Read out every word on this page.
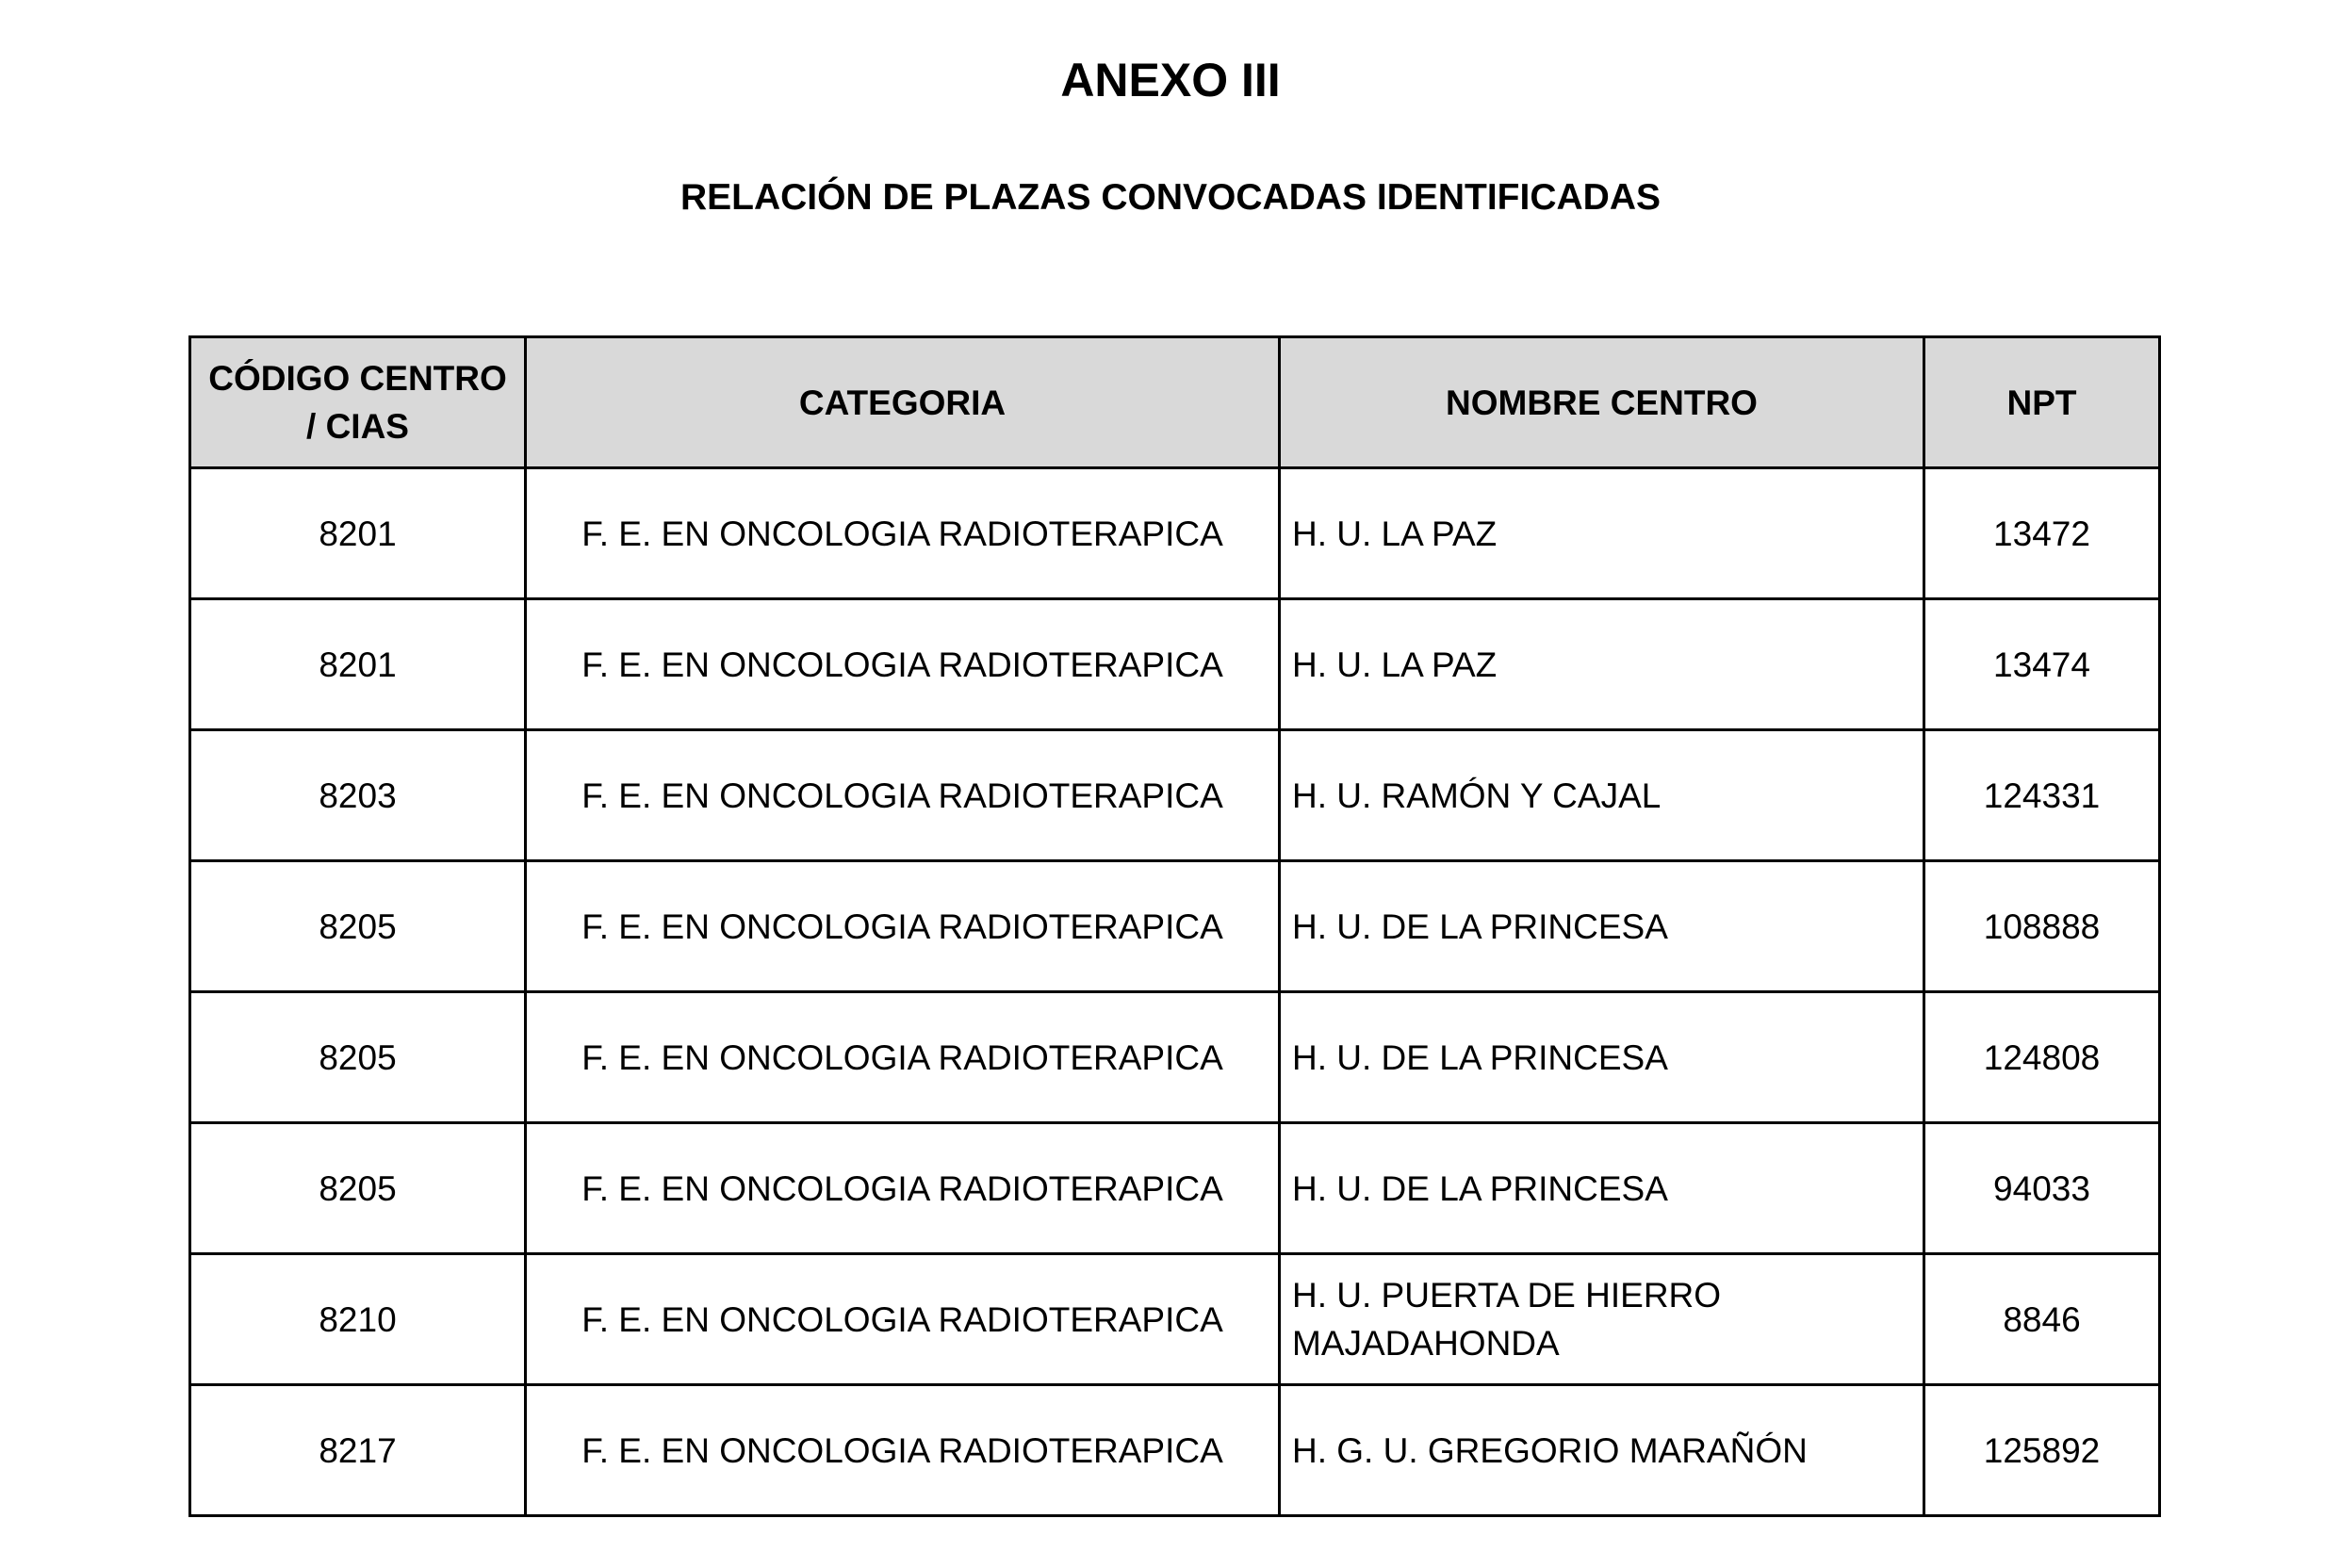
ANEXO III
RELACIÓN DE PLAZAS CONVOCADAS IDENTIFICADAS
CÓDIGO CENTRO / CIAS	CATEGORIA	NOMBRE CENTRO	NPT
8201	F. E. EN ONCOLOGIA RADIOTERAPICA	H. U. LA PAZ	13472
8201	F. E. EN ONCOLOGIA RADIOTERAPICA	H. U. LA PAZ	13474
8203	F. E. EN ONCOLOGIA RADIOTERAPICA	H. U. RAMÓN Y CAJAL	124331
8205	F. E. EN ONCOLOGIA RADIOTERAPICA	H. U. DE LA PRINCESA	108888
8205	F. E. EN ONCOLOGIA RADIOTERAPICA	H. U. DE LA PRINCESA	124808
8205	F. E. EN ONCOLOGIA RADIOTERAPICA	H. U. DE LA PRINCESA	94033
8210	F. E. EN ONCOLOGIA RADIOTERAPICA	H. U. PUERTA DE HIERRO MAJADAHONDA	8846
8217	F. E. EN ONCOLOGIA RADIOTERAPICA	H. G. U. GREGORIO MARAÑÓN	125892
